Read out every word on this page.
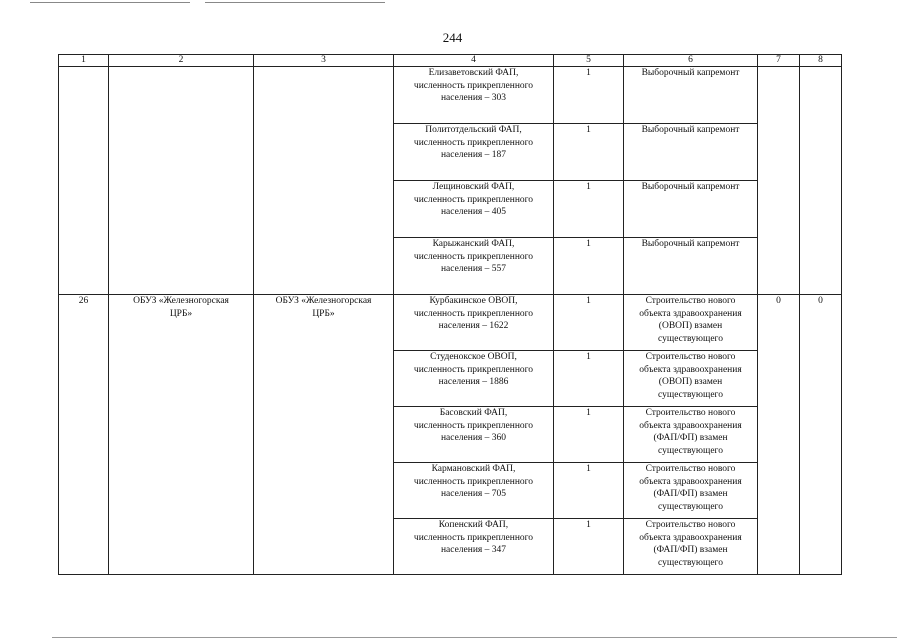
244
1	2	3	4	5	6	7	8

			Елизаветовский ФАП,
численность прикрепленного
населения – 303	1	Выборочный капремонт		

			Политотдельский ФАП,
численность прикрепленного
населения – 187	1	Выборочный капремонт		

			Лещиновский ФАП,
численность прикрепленного
населения – 405	1	Выборочный капремонт		

			Карыжанский ФАП,
численность прикрепленного
населения – 557	1	Выборочный капремонт		

26	ОБУЗ «Железногорская
ЦРБ»	ОБУЗ «Железногорская
ЦРБ»	Курбакинское ОВОП,
численность прикрепленного
населения – 1622	1	Строительство нового
объекта здравоохранения
(ОВОП) взамен
существующего	0	0

			Студенокское ОВОП,
численность прикрепленного
населения – 1886	1	Строительство нового
объекта здравоохранения
(ОВОП) взамен
существующего		

			Басовский ФАП,
численность прикрепленного
населения – 360	1	Строительство нового
объекта здравоохранения
(ФАП/ФП) взамен
существующего		

			Кармановский ФАП,
численность прикрепленного
населения – 705	1	Строительство нового
объекта здравоохранения
(ФАП/ФП) взамен
существующего		

			Копенский ФАП,
численность прикрепленного
населения – 347	1	Строительство нового
объекта здравоохранения
(ФАП/ФП) взамен
существующего		
